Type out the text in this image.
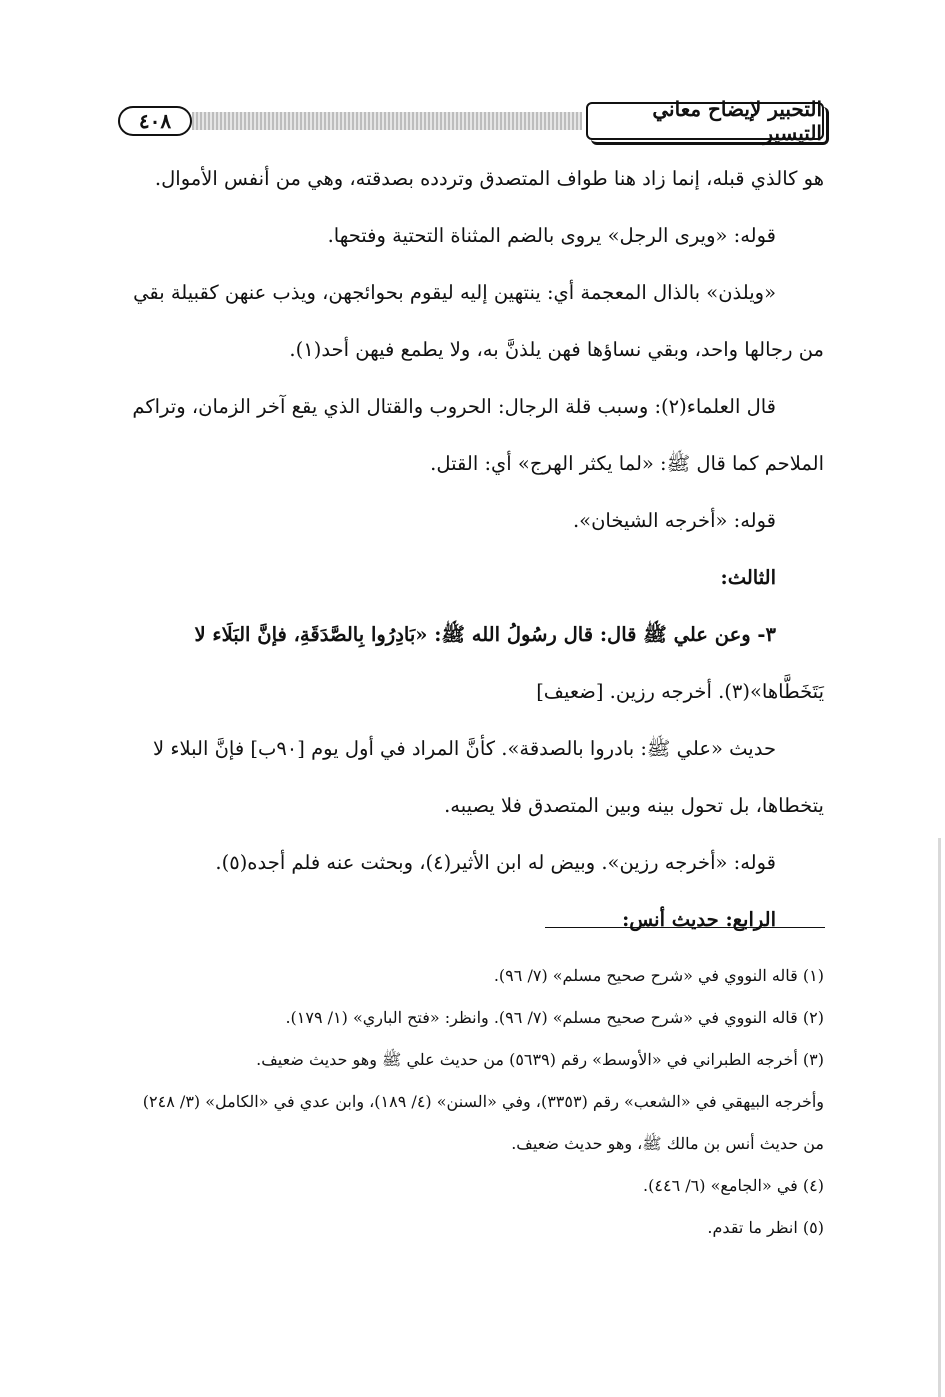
التحبير لإيضاح معاني التيسير
٤٠٨

هو كالذي قبله، إنما زاد هنا طواف المتصدق وتردده بصدقته، وهي من أنفس الأموال.

قوله: «ويرى الرجل» يروى بالضم المثناة التحتية وفتحها.

«ويلذن» بالذال المعجمة أي: ينتهين إليه ليقوم بحوائجهن، ويذب عنهن كقبيلة بقي

من رجالها واحد، وبقي نساؤها فهن يلذنَّ به، ولا يطمع فيهن أحد(١).

قال العلماء(٢): وسبب قلة الرجال: الحروب والقتال الذي يقع آخر الزمان، وتراكم

الملاحم كما قال ﷺ: «لما يكثر الهرج» أي: القتل.

قوله: «أخرجه الشيخان».

الثالث:

٣- وعن علي ﷺ قال: قال رسُولُ الله ﷺ: «بَادِرُوا بِالصَّدَقَةِ، فإنَّ البَلَاء لا

يَتَخَطَّاها»(٣). أخرجه رزين. [ضعيف]

حديث «علي ﷺ: بادروا بالصدقة». كأنَّ المراد في أول يوم [٩٠ب] فإنَّ البلاء لا

يتخطاها، بل تحول بينه وبين المتصدق فلا يصيبه.

قوله: «أخرجه رزين». وبيض له ابن الأثير(٤)، وبحثت عنه فلم أجده(٥).

الرابع: حديث أنس:

(١) قاله النووي في «شرح صحيح مسلم» (٧/ ٩٦).

(٢) قاله النووي في «شرح صحيح مسلم» (٧/ ٩٦). وانظر: «فتح الباري» (١/ ١٧٩).

(٣) أخرجه الطبراني في «الأوسط» رقم (٥٦٣٩) من حديث علي ﷺ وهو حديث ضعيف.

وأخرجه البيهقي في «الشعب» رقم (٣٣٥٣)، وفي «السنن» (٤/ ١٨٩)، وابن عدي في «الكامل» (٣/ ٢٤٨)

من حديث أنس بن مالك ﷺ، وهو حديث ضعيف.

(٤) في «الجامع» (٦/ ٤٤٦).

(٥) انظر ما تقدم.
